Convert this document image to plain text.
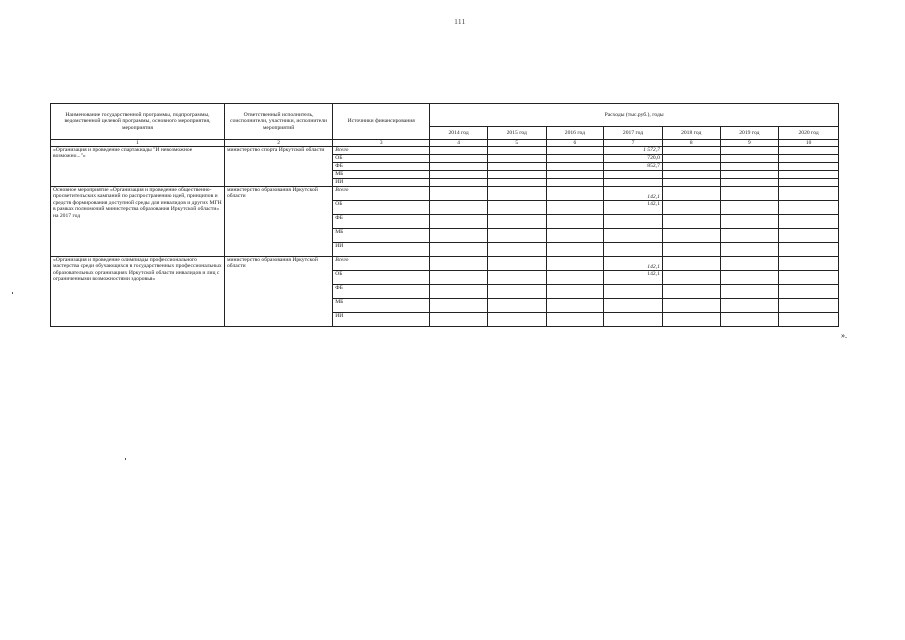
111
Наименование государственной программы, подпрограммы, ведомственной целевой программы, основного мероприятия, мероприятия	Ответственный исполнитель, соисполнители, участники, исполнители мероприятий	Источники финансирования	Расходы (тыс.руб.), годы						
			2014 год	2015 год	2016 год	2017 год	2018 год	2019 год	2020 год
1	2	3	4	5	6	7	8	9	10
«Организация и проведение спартакиады "И невозможное возможно..."»	министерство спорта Иркутской области	Всего				1 572,7			
		ОБ				720,0			
		ФБ				852,7			
		МБ							
		ИИ							
Основное мероприятие «Организация и проведение общественно-просветительских кампаний по распространению идей, принципов и средств формирования доступной среды для инвалидов и других МГН в рамках полномочий министерства образования Иркутской области» на 2017 год	министерство образования Иркутской области	Всего				142,1			
		ОБ				142,1			
		ФБ							
		МБ							
		ИИ							
«Организация и проведение олимпиады профессионального мастерства среди обучающихся в государственных профессиональных образовательных организациях Иркутской области инвалидов и лиц с ограниченными возможностями здоровья»	министерство образования Иркутской области	Всего				142,1			
		ОБ				142,1			
		ФБ							
		МБ							
		ИИ							
».
